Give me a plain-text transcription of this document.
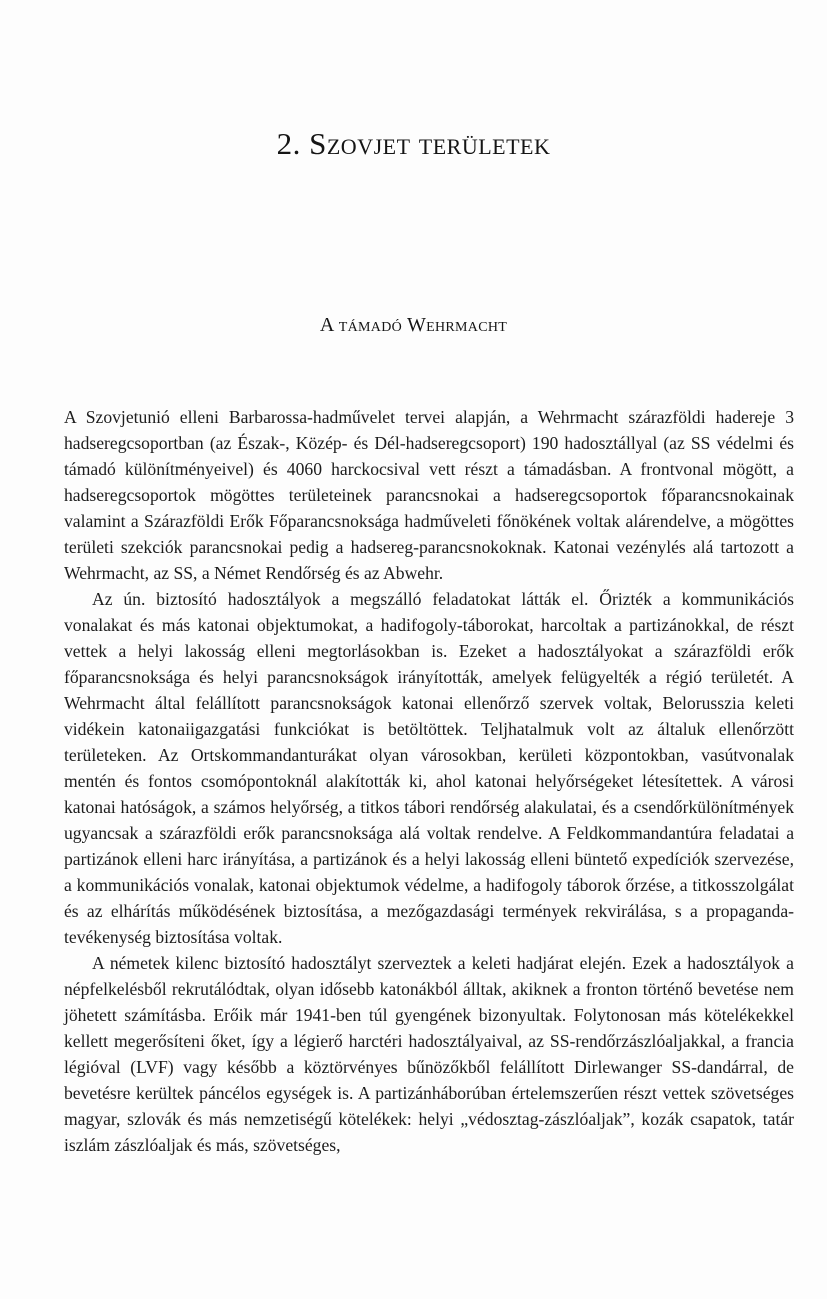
2. Szovjet területek
A támadó Wehrmacht

A Szovjetunió elleni Barbarossa-hadművelet tervei alapján, a Wehrmacht szárazföldi hadereje 3 hadseregcsoportban (az Észak-, Közép- és Dél-hadseregcsoport) 190 hadosztállyal (az SS védelmi és támadó különítményeivel) és 4060 harckocsival vett részt a támadásban. A frontvonal mögött, a hadseregcsoportok mögöttes területeinek parancsnokai a hadseregcsoportok főparancsnokainak valamint a Szárazföldi Erők Főparancsnoksága hadműveleti főnökének voltak alárendelve, a mögöttes területi szekciók parancsnokai pedig a hadsereg-parancsnokoknak. Katonai vezénylés alá tartozott a Wehrmacht, az SS, a Német Rendőrség és az Abwehr.

Az ún. biztosító hadosztályok a megszálló feladatokat látták el. Őrizték a kommunikációs vonalakat és más katonai objektumokat, a hadifogoly-táborokat, harcoltak a partizánokkal, de részt vettek a helyi lakosság elleni megtorlásokban is. Ezeket a hadosztályokat a szárazföldi erők főparancsnoksága és helyi parancsnokságok irányították, amelyek felügyelték a régió területét. A Wehrmacht által felállított parancsnokságok katonai ellenőrző szervek voltak, Belorusszia keleti vidékein katonaiigazgatási funkciókat is betöltöttek. Teljhatalmuk volt az általuk ellenőrzött területeken. Az Ortskommandanturákat olyan városokban, kerületi központokban, vasútvonalak mentén és fontos csomópontoknál alakították ki, ahol katonai helyőrségeket létesítettek. A városi katonai hatóságok, a számos helyőrség, a titkos tábori rendőrség alakulatai, és a csendőrkülönítmények ugyancsak a szárazföldi erők parancsnoksága alá voltak rendelve. A Feldkommandantúra feladatai a partizánok elleni harc irányítása, a partizánok és a helyi lakosság elleni büntető expedíciók szervezése, a kommunikációs vonalak, katonai objektumok védelme, a hadifogoly táborok őrzése, a titkosszolgálat és az elhárítás működésének biztosítása, a mezőgazdasági termények rekvirálása, s a propaganda-tevékenység biztosítása voltak.

A németek kilenc biztosító hadosztályt szerveztek a keleti hadjárat elején. Ezek a hadosztályok a népfelkelésből rekrutálódtak, olyan idősebb katonákból álltak, akiknek a fronton történő bevetése nem jöhetett számításba. Erőik már 1941-ben túl gyengének bizonyultak. Folytonosan más kötelékekkel kellett megerősíteni őket, így a légierő harctéri hadosztályaival, az SS-rendőrzászlóaljakkal, a francia légióval (LVF) vagy később a köztörvényes bűnözőkből felállított Dirlewanger SS-dandárral, de bevetésre kerültek páncélos egységek is. A partizánháborúban értelemszerűen részt vettek szövetséges magyar, szlovák és más nemzetiségű kötelékek: helyi „védosztag-zászlóaljak”, kozák csapatok, tatár iszlám zászlóaljak és más, szövetséges,
